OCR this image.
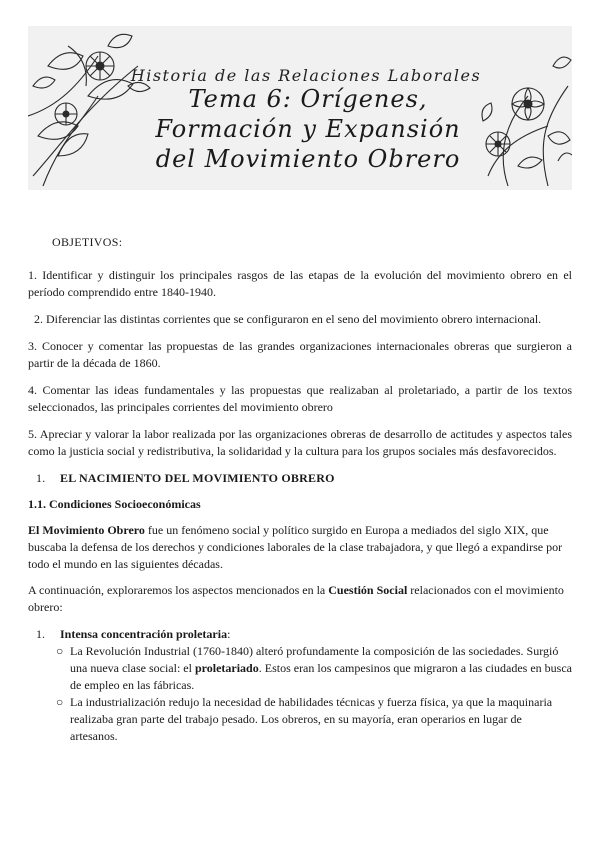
Historia de las Relaciones Laborales
Tema 6: Orígenes,
Formación y Expansión
del Movimiento Obrero

OBJETIVOS:

1. Identificar y distinguir los principales rasgos de las etapas de la evolución del movimiento obrero en el período comprendido entre 1840-1940.

2. Diferenciar las distintas corrientes que se configuraron en el seno del movimiento obrero internacional.

3. Conocer y comentar las propuestas de las grandes organizaciones internacionales obreras que surgieron a partir de la década de 1860.

4. Comentar las ideas fundamentales y las propuestas que realizaban al proletariado, a partir de los textos seleccionados, las principales corrientes del movimiento obrero

5. Apreciar y valorar la labor realizada por las organizaciones obreras de desarrollo de actitudes y aspectos tales como la justicia social y redistributiva, la solidaridad y la cultura para los grupos sociales más desfavorecidos.

1.	EL NACIMIENTO DEL MOVIMIENTO OBRERO

1.1. Condiciones Socioeconómicas

El Movimiento Obrero fue un fenómeno social y político surgido en Europa a mediados del siglo XIX, que buscaba la defensa de los derechos y condiciones laborales de la clase trabajadora, y que llegó a expandirse por todo el mundo en las siguientes décadas.

A continuación, exploraremos los aspectos mencionados en la Cuestión Social relacionados con el movimiento obrero:

1.	Intensa concentración proletaria:
○ La Revolución Industrial (1760-1840) alteró profundamente la composición de las sociedades. Surgió una nueva clase social: el proletariado. Estos eran los campesinos que migraron a las ciudades en busca de empleo en las fábricas.
○ La industrialización redujo la necesidad de habilidades técnicas y fuerza física, ya que la maquinaria realizaba gran parte del trabajo pesado. Los obreros, en su mayoría, eran operarios en lugar de artesanos.
